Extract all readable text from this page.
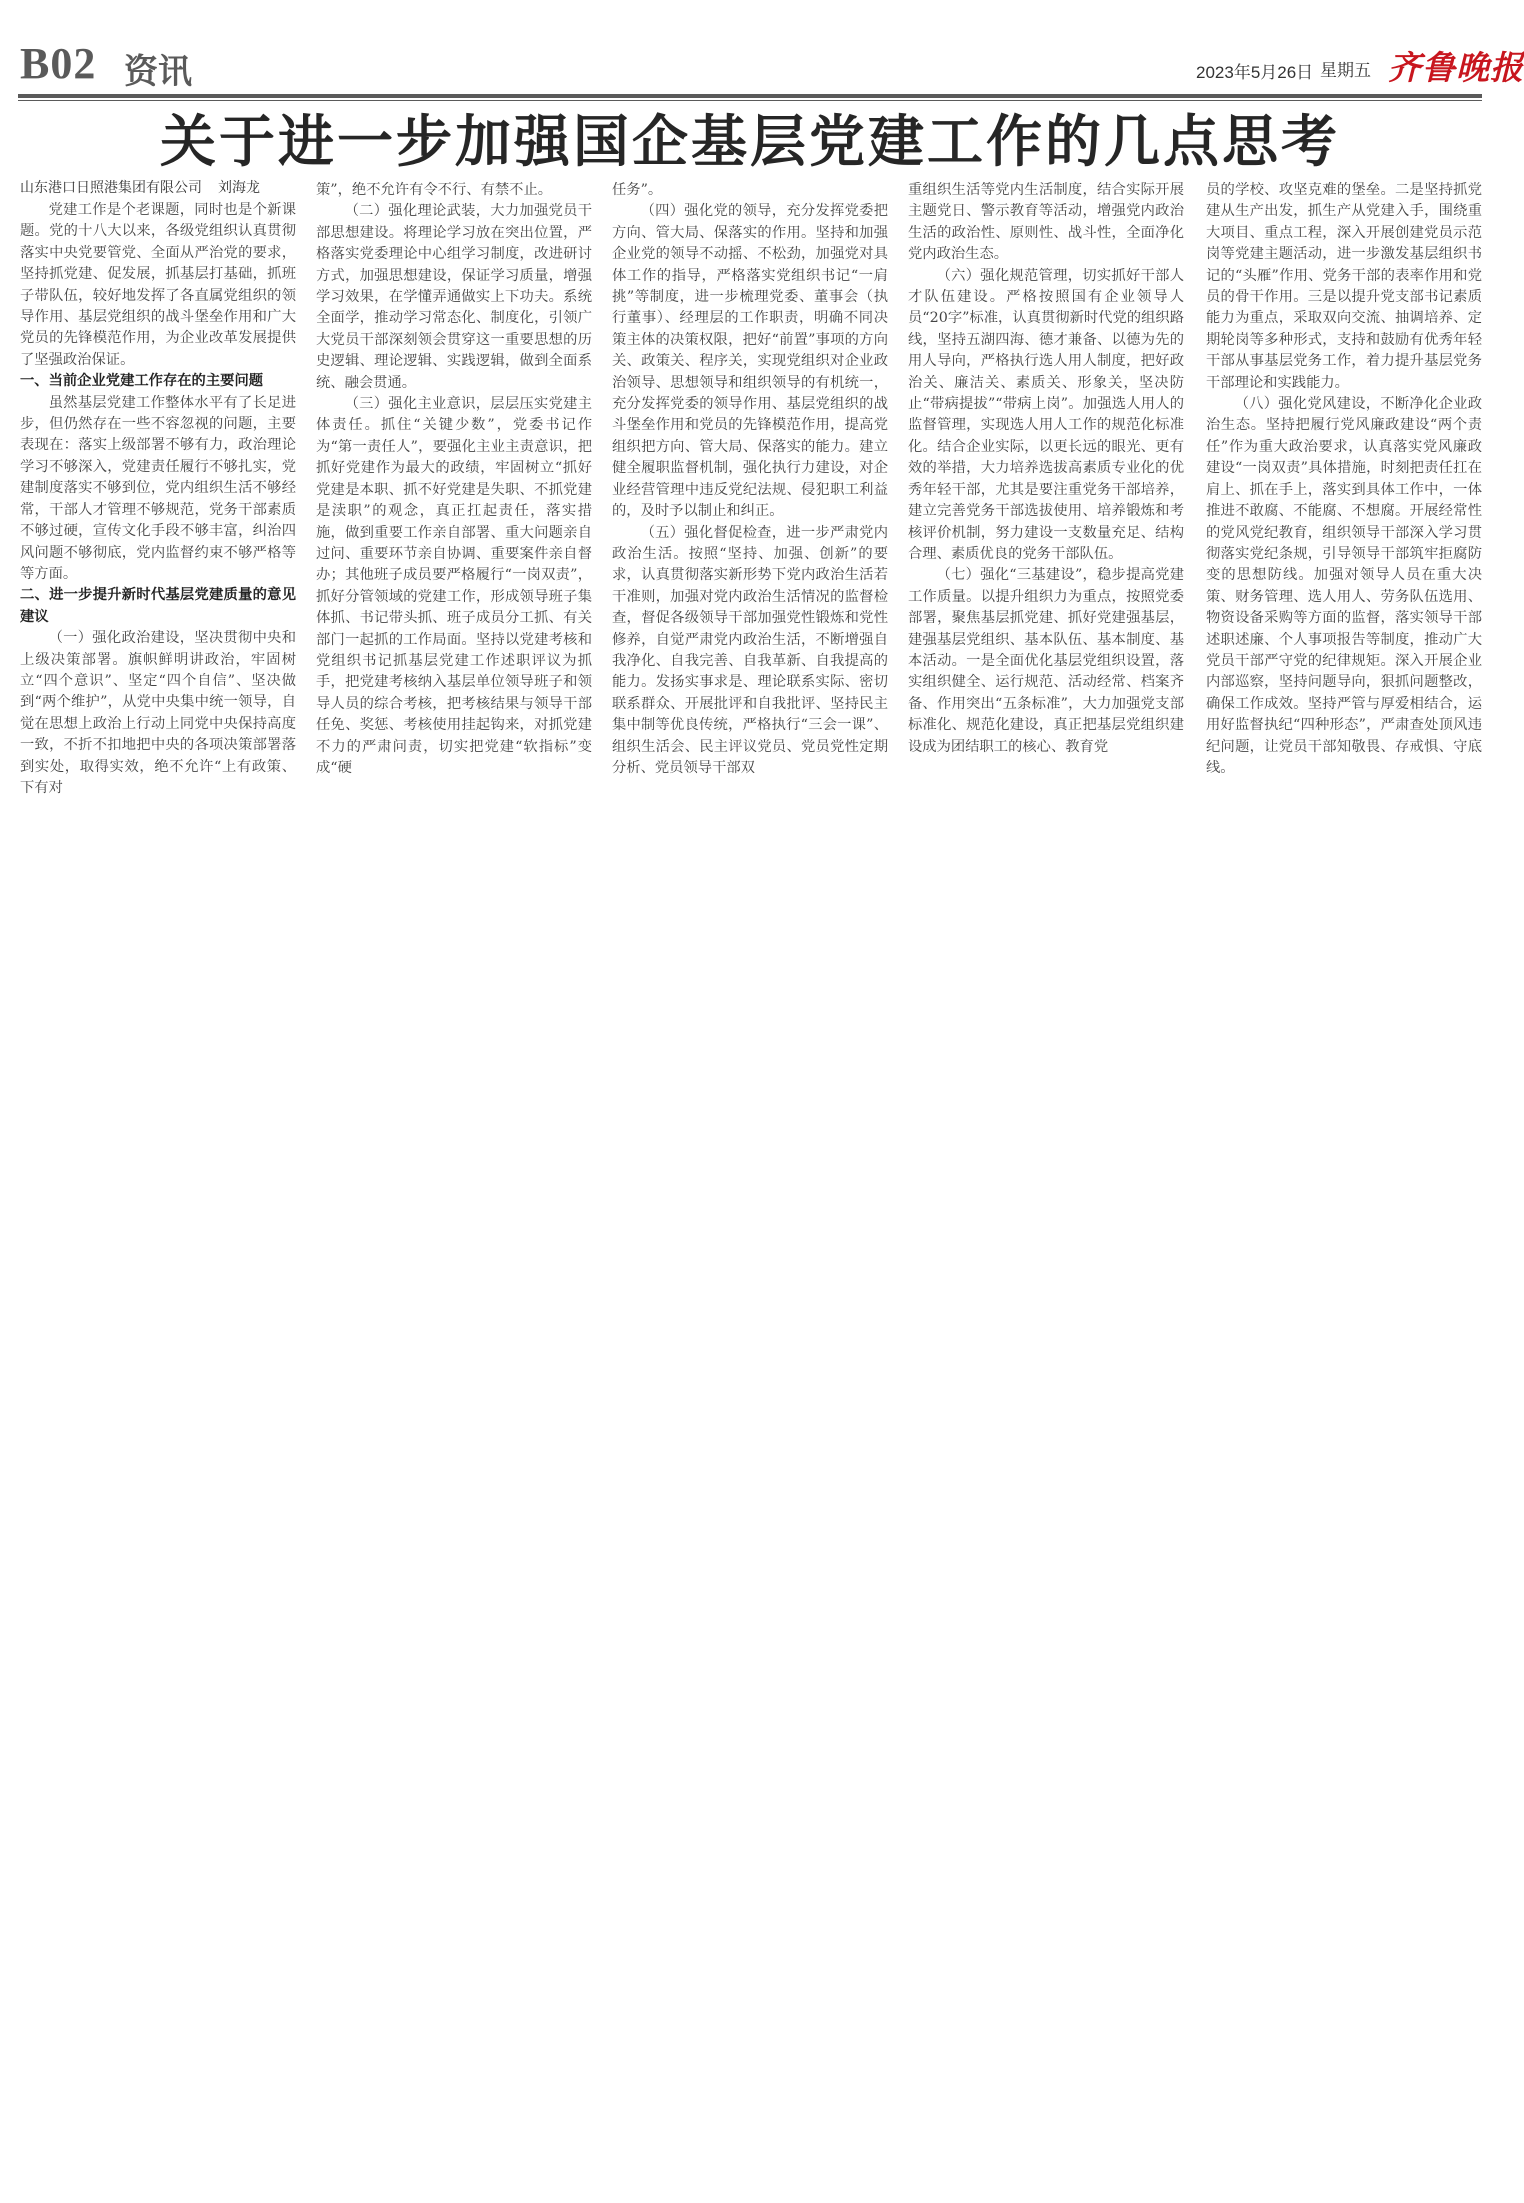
B02 资讯	2023年5月26日 星期五 齐鲁晚报
关于进一步加强国企基层党建工作的几点思考
山东港口日照港集团有限公司 刘海龙

党建工作是个老课题，同时也是个新课题。党的十八大以来，各级党组织认真贯彻落实中央党要管党、全面从严治党的要求，坚持抓党建、促发展，抓基层打基础，抓班子带队伍，较好地发挥了各直属党组织的领导作用、基层党组织的战斗堡垒作用和广大党员的先锋模范作用，为企业改革发展提供了坚强政治保证。

一、当前企业党建工作存在的主要问题

虽然基层党建工作整体水平有了长足进步，但仍然存在一些不容忽视的问题，主要表现在：落实上级部署不够有力，政治理论学习不够深入，党建责任履行不够扎实，党建制度落实不够到位，党内组织生活不够经常，干部人才管理不够规范，党务干部素质不够过硬，宣传文化手段不够丰富，纠治四风问题不够彻底，党内监督约束不够严格等等方面。

二、进一步提升新时代基层党建质量的意见建议

（一）强化政治建设，坚决贯彻中央和上级决策部署。旗帜鲜明讲政治，牢固树立“四个意识”、坚定“四个自信”、坚决做到“两个维护”，从党中央集中统一领导，自觉在思想上政治上行动上同党中央保持高度一致，不折不扣地把中央的各项决策部署落到实处，取得实效，绝不允许“上有政策、下有对

策”，绝不允许有令不行、有禁不止。

（二）强化理论武装，大力加强党员干部思想建设。将理论学习放在突出位置，严格落实党委理论中心组学习制度，改进研讨方式，加强思想建设，保证学习质量，增强学习效果，在学懂弄通做实上下功夫。系统全面学，推动学习常态化、制度化，引领广大党员干部深刻领会贯穿这一重要思想的历史逻辑、理论逻辑、实践逻辑，做到全面系统、融会贯通。

（三）强化主业意识，层层压实党建主体责任。抓住“关键少数”，党委书记作为“第一责任人”，要强化主业主责意识，把抓好党建作为最大的政绩，牢固树立“抓好党建是本职、抓不好党建是失职、不抓党建是渎职”的观念，真正扛起责任，落实措施，做到重要工作亲自部署、重大问题亲自过问、重要环节亲自协调、重要案件亲自督办；其他班子成员要严格履行“一岗双责”，抓好分管领域的党建工作，形成领导班子集体抓、书记带头抓、班子成员分工抓、有关部门一起抓的工作局面。坚持以党建考核和党组织书记抓基层党建工作述职评议为抓手，把党建考核纳入基层单位领导班子和领导人员的综合考核，把考核结果与领导干部任免、奖惩、考核使用挂起钩来，对抓党建不力的严肃问责，切实把党建“软指标”变成“硬

任务”。

（四）强化党的领导，充分发挥党委把方向、管大局、保落实的作用。坚持和加强企业党的领导不动摇、不松劲，加强党对具体工作的指导，严格落实党组织书记“一肩挑”等制度，进一步梳理党委、董事会（执行董事）、经理层的工作职责，明确不同决策主体的决策权限，把好“前置”事项的方向关、政策关、程序关，实现党组织对企业政治领导、思想领导和组织领导的有机统一，充分发挥党委的领导作用、基层党组织的战斗堡垒作用和党员的先锋模范作用，提高党组织把方向、管大局、保落实的能力。建立健全履职监督机制，强化执行力建设，对企业经营管理中违反党纪法规、侵犯职工利益的，及时予以制止和纠正。

（五）强化督促检查，进一步严肃党内政治生活。按照“坚持、加强、创新”的要求，认真贯彻落实新形势下党内政治生活若干准则，加强对党内政治生活情况的监督检查，督促各级领导干部加强党性锻炼和党性修养，自觉严肃党内政治生活，不断增强自我净化、自我完善、自我革新、自我提高的能力。发扬实事求是、理论联系实际、密切联系群众、开展批评和自我批评、坚持民主集中制等优良传统，严格执行“三会一课”、组织生活会、民主评议党员、党员党性定期分析、党员领导干部双

重组织生活等党内生活制度，结合实际开展主题党日、警示教育等活动，增强党内政治生活的政治性、原则性、战斗性，全面净化党内政治生态。

（六）强化规范管理，切实抓好干部人才队伍建设。严格按照国有企业领导人员“20字”标准，认真贯彻新时代党的组织路线，坚持五湖四海、德才兼备、以德为先的用人导向，严格执行选人用人制度，把好政治关、廉洁关、素质关、形象关，坚决防止“带病提拔”“带病上岗”。加强选人用人的监督管理，实现选人用人工作的规范化标准化。结合企业实际，以更长远的眼光、更有效的举措，大力培养选拔高素质专业化的优秀年轻干部，尤其是要注重党务干部培养，建立完善党务干部选拔使用、培养锻炼和考核评价机制，努力建设一支数量充足、结构合理、素质优良的党务干部队伍。

（七）强化“三基建设”，稳步提高党建工作质量。以提升组织力为重点，按照党委部署，聚焦基层抓党建、抓好党建强基层，建强基层党组织、基本队伍、基本制度、基本活动。一是全面优化基层党组织设置，落实组织健全、运行规范、活动经常、档案齐备、作用突出“五条标准”，大力加强党支部标准化、规范化建设，真正把基层党组织建设成为团结职工的核心、教育党

员的学校、攻坚克难的堡垒。二是坚持抓党建从生产出发，抓生产从党建入手，围绕重大项目、重点工程，深入开展创建党员示范岗等党建主题活动，进一步激发基层组织书记的“头雁”作用、党务干部的表率作用和党员的骨干作用。三是以提升党支部书记素质能力为重点，采取双向交流、抽调培养、定期轮岗等多种形式，支持和鼓励有优秀年轻干部从事基层党务工作，着力提升基层党务干部理论和实践能力。

（八）强化党风建设，不断净化企业政治生态。坚持把履行党风廉政建设“两个责任”作为重大政治要求，认真落实党风廉政建设“一岗双责”具体措施，时刻把责任扛在肩上、抓在手上，落实到具体工作中，一体推进不敢腐、不能腐、不想腐。开展经常性的党风党纪教育，组织领导干部深入学习贯彻落实党纪条规，引导领导干部筑牢拒腐防变的思想防线。加强对领导人员在重大决策、财务管理、选人用人、劳务队伍选用、物资设备采购等方面的监督，落实领导干部述职述廉、个人事项报告等制度，推动广大党员干部严守党的纪律规矩。深入开展企业内部巡察，坚持问题导向，狠抓问题整改，确保工作成效。坚持严管与厚爱相结合，运用好监督执纪“四种形态”，严肃查处顶风违纪问题，让党员干部知敬畏、存戒惧、守底线。
